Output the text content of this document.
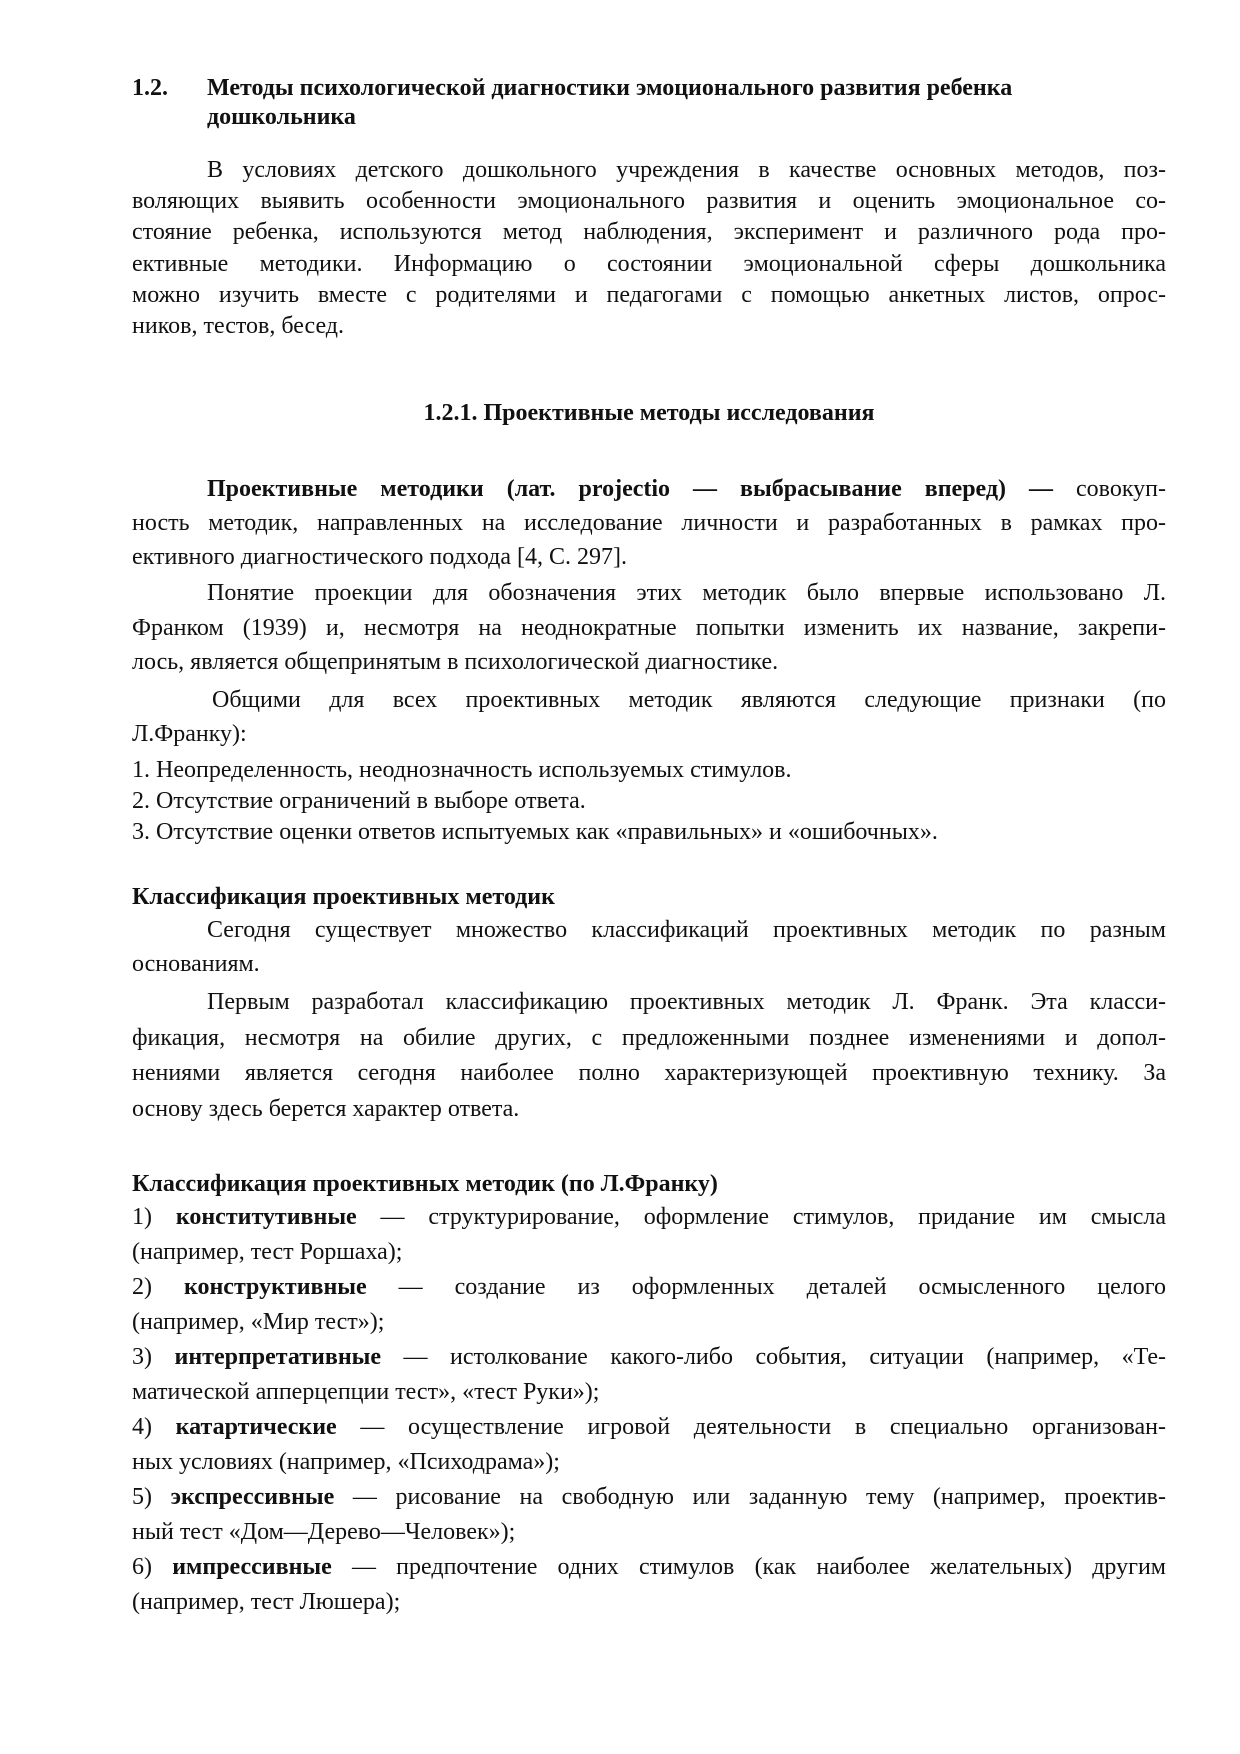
1.2. Методы психологической диагностики эмоционального развития ребенка
дошкольника
В условиях детского дошкольного учреждения в качестве основных методов, поз-
воляющих выявить особенности эмоционального развития и оценить эмоциональное со-
стояние ребенка, используются метод наблюдения, эксперимент и различного рода про-
ективные методики. Информацию о состоянии эмоциональной сферы дошкольника
можно изучить вместе с родителями и педагогами с помощью анкетных листов, опрос-
ников, тестов, бесед.
1.2.1. Проективные методы исследования
Проективные методики (лат. projectio — выбрасывание вперед) — совокуп-
ность методик, направленных на исследование личности и разработанных в рамках про-
ективного диагностического подхода [4, С. 297].
Понятие проекции для обозначения этих методик было впервые использовано Л.
Франком (1939) и, несмотря на неоднократные попытки изменить их название, закрепи-
лось, является общепринятым в психологической диагностике.
Общими для всех проективных методик являются следующие признаки (по
Л.Франку):
1. Неопределенность, неоднозначность используемых стимулов.
2. Отсутствие ограничений в выборе ответа.
3. Отсутствие оценки ответов испытуемых как «правильных» и «ошибочных».
Классификация проективных методик
Сегодня существует множество классификаций проективных методик по разным
основаниям.
Первым разработал классификацию проективных методик Л. Франк. Эта класси-
фикация, несмотря на обилие других, с предложенными позднее изменениями и допол-
нениями является сегодня наиболее полно характеризующей проективную технику. За
основу здесь берется характер ответа.
Классификация проективных методик (по Л.Франку)
1) конститутивные — структурирование, оформление стимулов, придание им смысла
(например, тест Роршаха);
2) конструктивные — создание из оформленных деталей осмысленного целого
(например, «Мир тест»);
3) интерпретативные — истолкование какого-либо события, ситуации (например, «Те-
матической апперцепции тест», «тест Руки»);
4) катартические — осуществление игровой деятельности в специально организован-
ных условиях (например, «Психодрама»);
5) экспрессивные — рисование на свободную или заданную тему (например, проектив-
ный тест «Дом—Дерево—Человек»);
6) импрессивные — предпочтение одних стимулов (как наиболее желательных) другим
(например, тест Люшера);
